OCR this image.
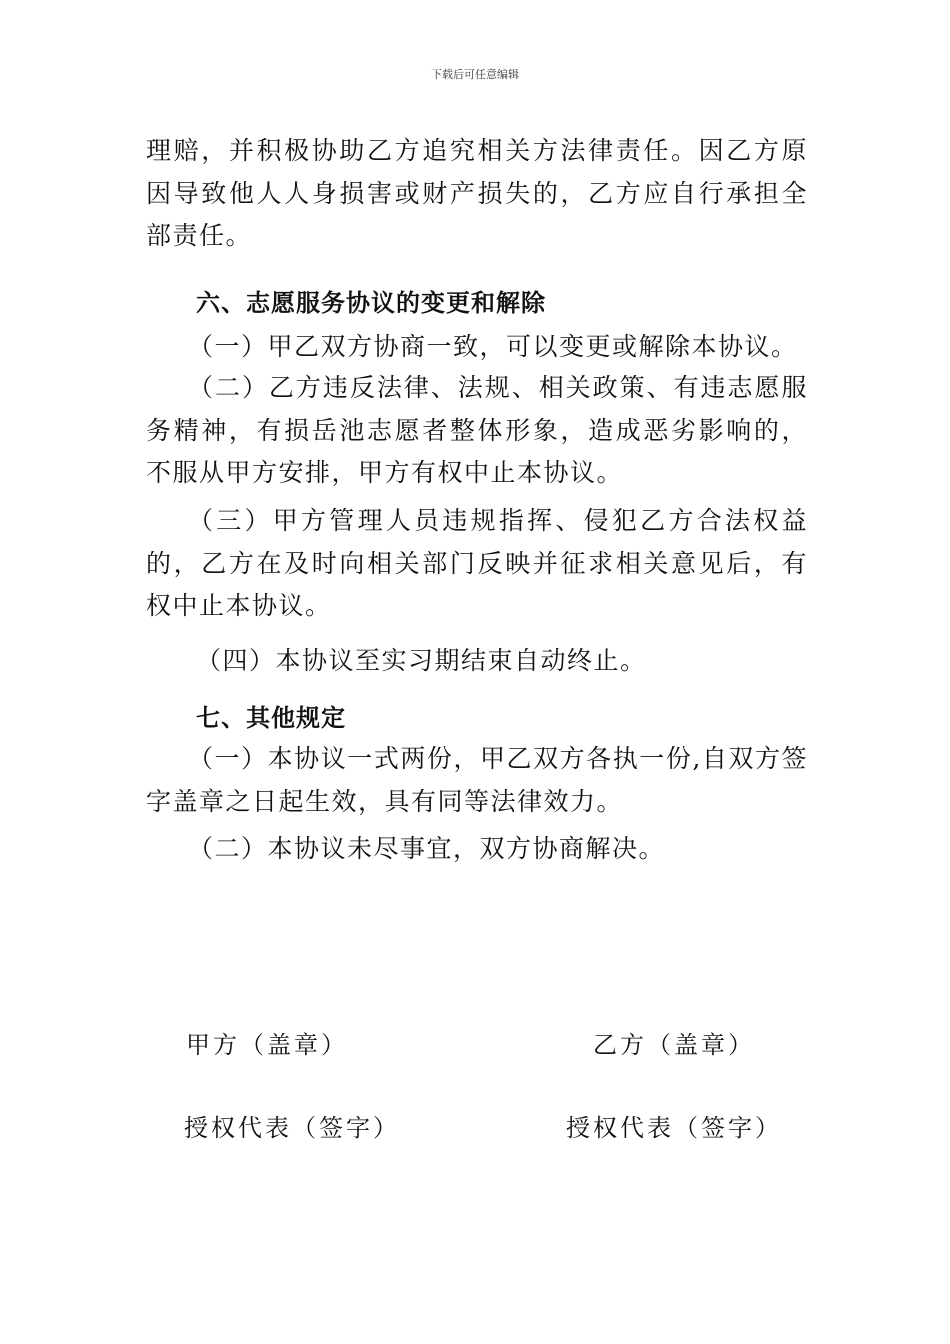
下载后可任意编辑

理赔，并积极协助乙方追究相关方法律责任。因乙方原因导致他人人身损害或财产损失的，乙方应自行承担全部责任。

六、志愿服务协议的变更和解除

（一）甲乙双方协商一致，可以变更或解除本协议。

（二）乙方违反法律、法规、相关政策、有违志愿服务精神，有损岳池志愿者整体形象，造成恶劣影响的，不服从甲方安排，甲方有权中止本协议。

（三）甲方管理人员违规指挥、侵犯乙方合法权益的，乙方在及时向相关部门反映并征求相关意见后，有权中止本协议。

（四）本协议至实习期结束自动终止。

七、其他规定

（一）本协议一式两份，甲乙双方各执一份,自双方签字盖章之日起生效，具有同等法律效力。

（二）本协议未尽事宜，双方协商解决。

甲方（盖章）	乙方（盖章）
授权代表（签字）	授权代表（签字）
